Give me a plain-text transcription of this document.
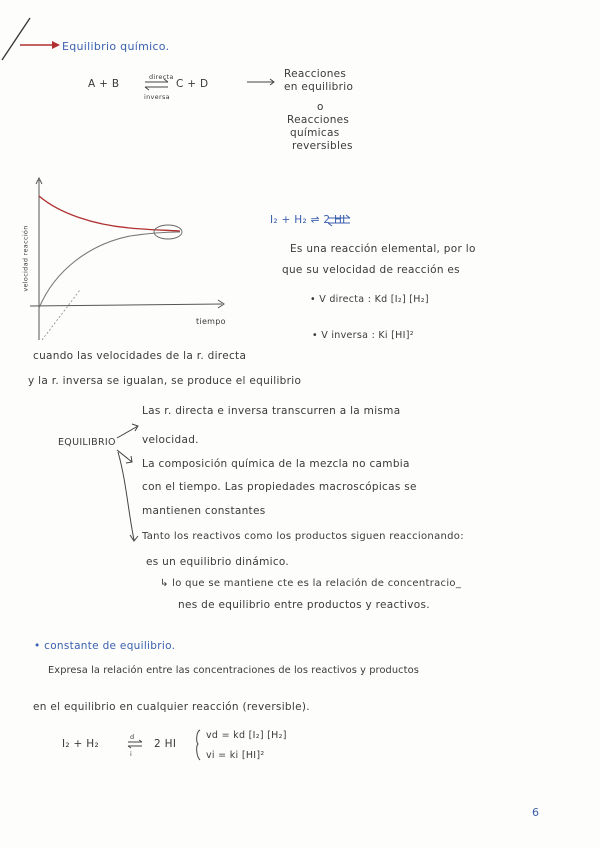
Equilibrio químico.
A + B
directa
inversa
C + D
Reacciones
en equilibrio
o
Reacciones
químicas
reversibles
velocidad reacción
tiempo
I₂ + H₂ ⇌ 2 HI
Es una reacción elemental, por lo
que su velocidad de reacción es
• V directa : Kd [I₂] [H₂]
• V inversa : Ki [HI]²
cuando las velocidades de la r. directa
y la r. inversa se igualan, se produce el equilibrio
EQUILIBRIO
Las r. directa e inversa transcurren a la misma
velocidad.
La composición química de la mezcla no cambia
con el tiempo. Las propiedades macroscópicas se
mantienen constantes
Tanto los reactivos como los productos siguen reaccionando:
es un equilibrio dinámico.
↳ lo que se mantiene cte es la relación de concentracio_
nes de equilibrio entre productos y reactivos.
• constante de equilibrio.
Expresa la relación entre las concentraciones de los reactivos y productos
en el equilibrio en cualquier reacción (reversible).
I₂ + H₂
d
i
2 HI
vd = kd [I₂] [H₂]
vi = ki [HI]²
6
